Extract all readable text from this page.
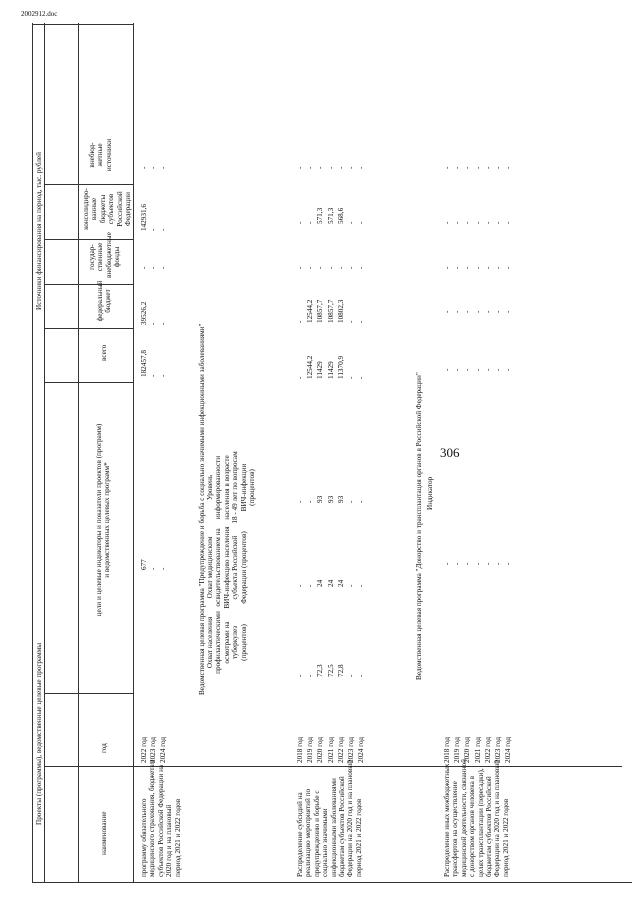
306
2002912.doc
Проекты (программы), ведомственные целевые программы
Источники финансирования на период, тыс. рублей
наименование
год
цели и целевые индикаторы и показатели проектов (программ) и ведомственных целевых программ*
всего
федеральный бюджет
государ- ственные внебюджетные фонды
консолидиро- ванные бюджеты субъектов Российской Федерации
внебюд- жетные источники
программу обязательного медицинского страхования, бюджетам субъектов Российской Федерации на 2020 год и на плановый период 2021 и 2022 годов
2022 год
677
182457,8
39526,2
-
142931,6
-
2023 год
-
-
-
-
-
-
2024 год
-
-
-
-
-
-
Ведомственная целевая программа "Предупреждение и борьба с социально значимыми инфекционными заболеваниями" Охват населения профилактическими осмотрами на туберкулез (процентов)
Охват медицинским освидетельствованием на ВИЧ-инфекцию населения субъекта Российской Федерации (процентов)
Уровень информированности населения в возрасте 18 - 49 лет по вопросам ВИЧ-инфекции (процентов)
Распределение субсидий на реализацию мероприятий по предупреждению и борьбе с социально значимыми инфекционными заболеваниями бюджетам субъектов Российской Федерации на 2020 год и на плановый период 2021 и 2022 годов
2018 год
-
-
-
-
-
-
-
-
2019 год
-
-
-
12544,2
12544,2
-
-
-
2020 год
72,3
24
93
11429
10857,7
-
571,3
-
2021 год
72,5
24
93
11429
10857,7
-
571,3
-
2022 год
72,8
24
93
11370,9
10802,3
-
568,6
-
2023 год
-
-
-
-
-
-
-
-
2024 год
-
-
-
-
-
-
-
-
Ведомственная целевая программа "Донорство и трансплантация органов в Российской Федерации" Индикатор
Распределение иных межбюджетных трансфертов на осуществление медицинской деятельности, связанной с донорством органов человека в целях трансплантации (пересадки), бюджетам субъектов Российской Федерации на 2020 год и на плановый период 2021 и 2022 годов
2018 год
-
-
-
-
-
-
2019 год
-
-
-
-
-
-
2020 год
-
-
-
-
-
-
2021 год
-
-
-
-
-
-
2022 год
-
-
-
-
-
-
2023 год
-
-
-
-
-
-
2024 год
-
-
-
-
-
-
